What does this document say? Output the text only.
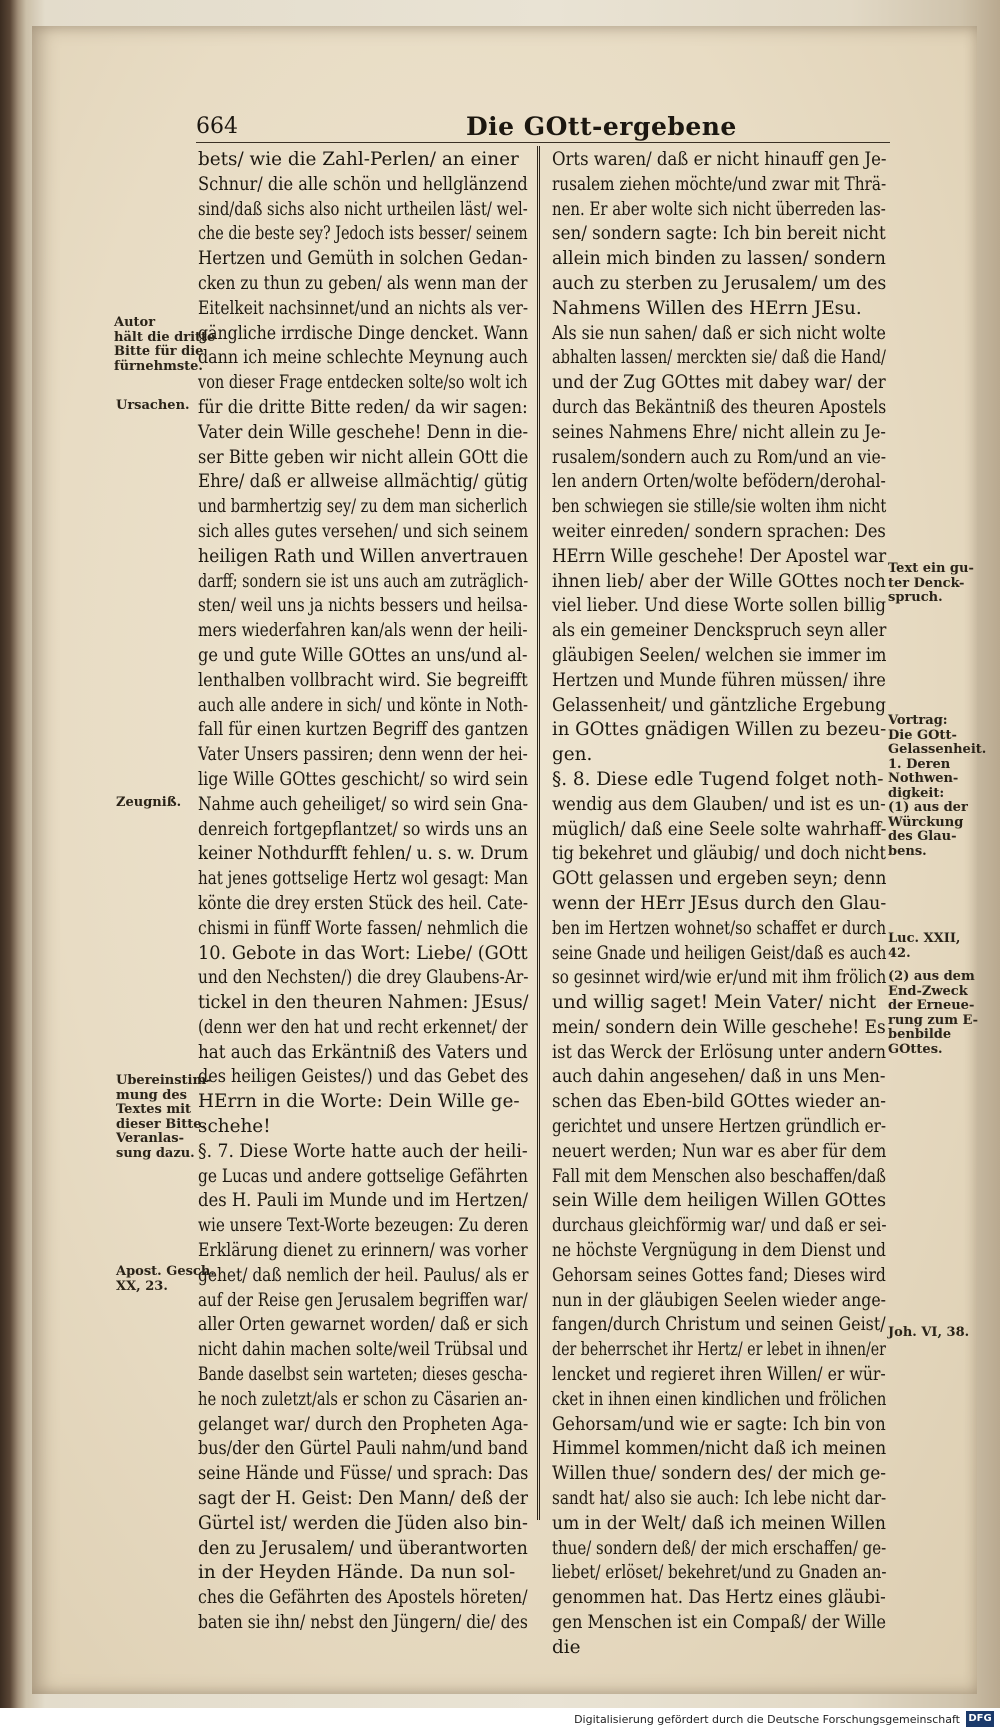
664	Die GOtt-ergebene
bets/ wie die Zahl-Perlen/ an einer
Schnur/ die alle schön und hellglänzend
sind/daß sichs also nicht urtheilen läst/ wel-
che die beste sey? Jedoch ists besser/ seinem
Hertzen und Gemüth in solchen Gedan-
cken zu thun zu geben/ als wenn man der
Eitelkeit nachsinnet/und an nichts als ver-
gängliche irrdische Dinge dencket. Wann
dann ich meine schlechte Meynung auch
von dieser Frage entdecken solte/so wolt ich
für die dritte Bitte reden/ da wir sagen:
Vater dein Wille geschehe! Denn in die-
ser Bitte geben wir nicht allein GOtt die
Ehre/ daß er allweise allmächtig/ gütig
und barmhertzig sey/ zu dem man sicherlich
sich alles gutes versehen/ und sich seinem
heiligen Rath und Willen anvertrauen
darff; sondern sie ist uns auch am zuträglich-
sten/ weil uns ja nichts bessers und heilsa-
mers wiederfahren kan/als wenn der heili-
ge und gute Wille GOttes an uns/und al-
lenthalben vollbracht wird. Sie begreifft
auch alle andere in sich/ und könte in Noth-
fall für einen kurtzen Begriff des gantzen
Vater Unsers passiren; denn wenn der hei-
lige Wille GOttes geschicht/ so wird sein
Nahme auch geheiliget/ so wird sein Gna-
denreich fortgepflantzet/ so wirds uns an
keiner Nothdurfft fehlen/ u. s. w. Drum
hat jenes gottselige Hertz wol gesagt: Man
könte die drey ersten Stück des heil. Cate-
chismi in fünff Worte fassen/ nehmlich die
10. Gebote in das Wort: Liebe/ (GOtt
und den Nechsten/) die drey Glaubens-Ar-
tickel in den theuren Nahmen: JEsus/
(denn wer den hat und recht erkennet/ der
hat auch das Erkäntniß des Vaters und
des heiligen Geistes/) und das Gebet des
HErrn in die Worte: Dein Wille ge-
schehe!
§. 7. Diese Worte hatte auch der heili-
ge Lucas und andere gottselige Gefährten
des H. Pauli im Munde und im Hertzen/
wie unsere Text-Worte bezeugen: Zu deren
Erklärung dienet zu erinnern/ was vorher
gehet/ daß nemlich der heil. Paulus/ als er
auf der Reise gen Jerusalem begriffen war/
aller Orten gewarnet worden/ daß er sich
nicht dahin machen solte/weil Trübsal und
Bande daselbst sein warteten; dieses gescha-
he noch zuletzt/als er schon zu Cäsarien an-
gelanget war/ durch den Propheten Aga-
bus/der den Gürtel Pauli nahm/und band
seine Hände und Füsse/ und sprach: Das
sagt der H. Geist: Den Mann/ deß der
Gürtel ist/ werden die Jüden also bin-
den zu Jerusalem/ und überantworten
in der Heyden Hände. Da nun sol-
ches die Gefährten des Apostels höreten/
baten sie ihn/ nebst den Jüngern/ die/ des
Orts waren/ daß er nicht hinauff gen Je-
rusalem ziehen möchte/und zwar mit Thrä-
nen. Er aber wolte sich nicht überreden las-
sen/ sondern sagte: Ich bin bereit nicht
allein mich binden zu lassen/ sondern
auch zu sterben zu Jerusalem/ um des
Nahmens Willen des HErrn JEsu.
Als sie nun sahen/ daß er sich nicht wolte
abhalten lassen/ merckten sie/ daß die Hand/
und der Zug GOttes mit dabey war/ der
durch das Bekäntniß des theuren Apostels
seines Nahmens Ehre/ nicht allein zu Je-
rusalem/sondern auch zu Rom/und an vie-
len andern Orten/wolte befödern/derohal-
ben schwiegen sie stille/sie wolten ihm nicht
weiter einreden/ sondern sprachen: Des
HErrn Wille geschehe! Der Apostel war
ihnen lieb/ aber der Wille GOttes noch
viel lieber. Und diese Worte sollen billig
als ein gemeiner Denckspruch seyn aller
gläubigen Seelen/ welchen sie immer im
Hertzen und Munde führen müssen/ ihre
Gelassenheit/ und gäntzliche Ergebung
in GOttes gnädigen Willen zu bezeu-
gen.
§. 8. Diese edle Tugend folget noth-
wendig aus dem Glauben/ und ist es un-
müglich/ daß eine Seele solte wahrhaff-
tig bekehret und gläubig/ und doch nicht
GOtt gelassen und ergeben seyn; denn
wenn der HErr JEsus durch den Glau-
ben im Hertzen wohnet/so schaffet er durch
seine Gnade und heiligen Geist/daß es auch
so gesinnet wird/wie er/und mit ihm frölich
und willig saget! Mein Vater/ nicht
mein/ sondern dein Wille geschehe! Es
ist das Werck der Erlösung unter andern
auch dahin angesehen/ daß in uns Men-
schen das Eben-bild GOttes wieder an-
gerichtet und unsere Hertzen gründlich er-
neuert werden; Nun war es aber für dem
Fall mit dem Menschen also beschaffen/daß
sein Wille dem heiligen Willen GOttes
durchaus gleichförmig war/ und daß er sei-
ne höchste Vergnügung in dem Dienst und
Gehorsam seines Gottes fand; Dieses wird
nun in der gläubigen Seelen wieder ange-
fangen/durch Christum und seinen Geist/
der beherrschet ihr Hertz/ er lebet in ihnen/er
lencket und regieret ihren Willen/ er wür-
cket in ihnen einen kindlichen und frölichen
Gehorsam/und wie er sagte: Ich bin von
Himmel kommen/nicht daß ich meinen
Willen thue/ sondern des/ der mich ge-
sandt hat/ also sie auch: Ich lebe nicht dar-
um in der Welt/ daß ich meinen Willen
thue/ sondern deß/ der mich erschaffen/ ge-
liebet/ erlöset/ bekehret/und zu Gnaden an-
genommen hat. Das Hertz eines gläubi-
gen Menschen ist ein Compaß/ der Wille
die
Autor
hält die dritte
Bitte für die
fürnehmste.
Ursachen.
Zeugniß.
Ubereinstim-
mung des
Textes mit
dieser Bitte.
Veranlas-
sung dazu.
Apost. Gesch.
XX, 23.
Text ein gu-
ter Denck-
spruch.
Vortrag:
Die GOtt-
Gelassenheit.
1. Deren
Nothwen-
digkeit:
(1) aus der
Würckung
des Glau-
bens.
Luc. XXII,
42.
(2) aus dem
End-Zweck
der Erneue-
rung zum E-
benbilde
GOttes.
Joh. VI, 38.
Digitalisierung gefördert durch die Deutsche Forschungsgemeinschaft DFG
